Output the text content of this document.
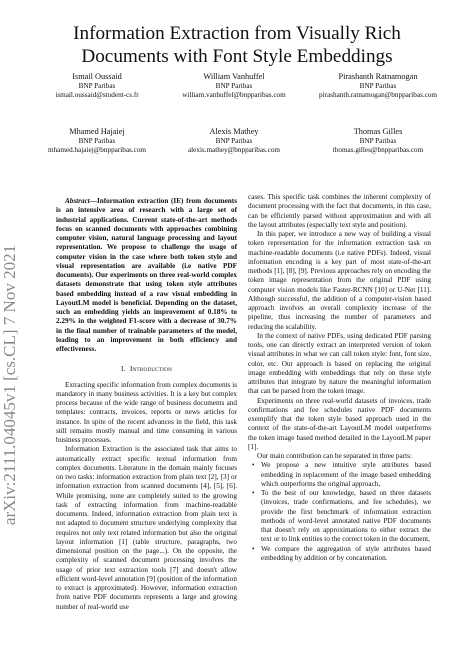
Information Extraction from Visually Rich
Documents with Font Style Embeddings
Ismail Oussaid
BNP Paribas
ismail.oussaid@student-cs.fr
William Vanhuffel
BNP Paribas
william.vanhuffel@bnpparibas.com
Pirashanth Ratnamogan
BNP Paribas
pirashanth.ratnamogan@bnpparibas.com
Mhamed Hajaiej
BNP Paribas
mhamed.hajaiej@bnpparibas.com
Alexis Mathey
BNP Paribas
alexis.mathey@bnpparibas.com
Thomas Gilles
BNP Paribas
thomas.gilles@bnpparibas.com
arXiv:2111.04045v1 [cs.CL] 7 Nov 2021

Abstract—Information extraction (IE) from documents is an intensive area of research with a large set of industrial applications. Current state-of-the-art methods focus on scanned documents with approaches combining computer vision, natural language processing and layout representation. We propose to challenge the usage of computer vision in the case where both token style and visual representation are available (i.e native PDF documents). Our experiments on three real-world complex datasets demonstrate that using token style attributes based embedding instead of a raw visual embedding in LayoutLM model is beneficial. Depending on the dataset, such an embedding yields an improvement of 0.18% to 2.29% in the weighted F1-score with a decrease of 30.7% in the final number of trainable parameters of the model, leading to an improvement in both efficiency and effectiveness.

I. Introduction

Extracting specific information from complex documents is mandatory in many business activities. It is a key but complex process because of the wide range of business documents and templates: contracts, invoices, reports or news articles for instance. In spite of the recent advances in the field, this task still remains mostly manual and time consuming in various business processes.

Information Extraction is the associated task that aims to automatically extract specific textual information from complex documents. Literature in the domain mainly focuses on two tasks: information extraction from plain text [2], [3] or information extraction from scanned documents [4], [5], [6]. While promising, none are completely suited to the growing task of extracting information from machine-readable documents. Indeed, information extraction from plain text is not adapted to document structure underlying complexity that requires not only text related information but also the original layout information [1] (table structure, paragraphs, two dimensional position on the page...). On the opposite, the complexity of scanned document processing involves the usage of prior text extraction tools [7] and doesn't allow efficient word-level annotation [9] (position of the information to extract is approximated). However, information extraction from native PDF documents represents a large and growing number of real-world use

cases. This specific task combines the inherent complexity of document processing with the fact that documents, in this case, can be efficiently parsed without approximation and with all the layout attributes (especially text style and position).

In this paper, we introduce a new way of building a visual token representation for the information extraction task on machine-readable documents (i.e native PDFs). Indeed, visual information encoding is a key part of most state-of-the-art methods [1], [8], [9]. Previous approaches rely on encoding the token image representation from the original PDF using computer vision models like Faster-RCNN [10] or U-Net [11]. Although successful, the addition of a computer-vision based approach involves an overall complexity increase of the pipeline, thus increasing the number of parameters and reducing the scalability.

In the context of native PDFs, using dedicated PDF parsing tools, one can directly extract an interpreted version of token visual attributes in what we can call token style: font, font size, color, etc. Our approach is based on replacing the original image embedding with embeddings that rely on these style attributes that integrate by nature the meaningful information that can be parsed from the token image.

Experiments on three real-world datasets of invoices, trade confirmations and fee schedules native PDF documents exemplify that the token style based approach used in the context of the state-of-the-art LayoutLM model outperforms the token image based method detailed in the LayoutLM paper [1].

Our main contribution can be separated in three parts:

• We propose a new intuitive style attributes based embedding in replacement of the image based embedding which outperforms the original approach,
• To the best of our knowledge, based on three datasets (invoices, trade confirmations, and fee schedules), we provide the first benchmark of information extraction methods of word-level annotated native PDF documents that doesn't rely on approximations to either extract the text or to link entities to the correct token in the document,
• We compare the aggregation of style attributes based embedding by addition or by concatenation.
